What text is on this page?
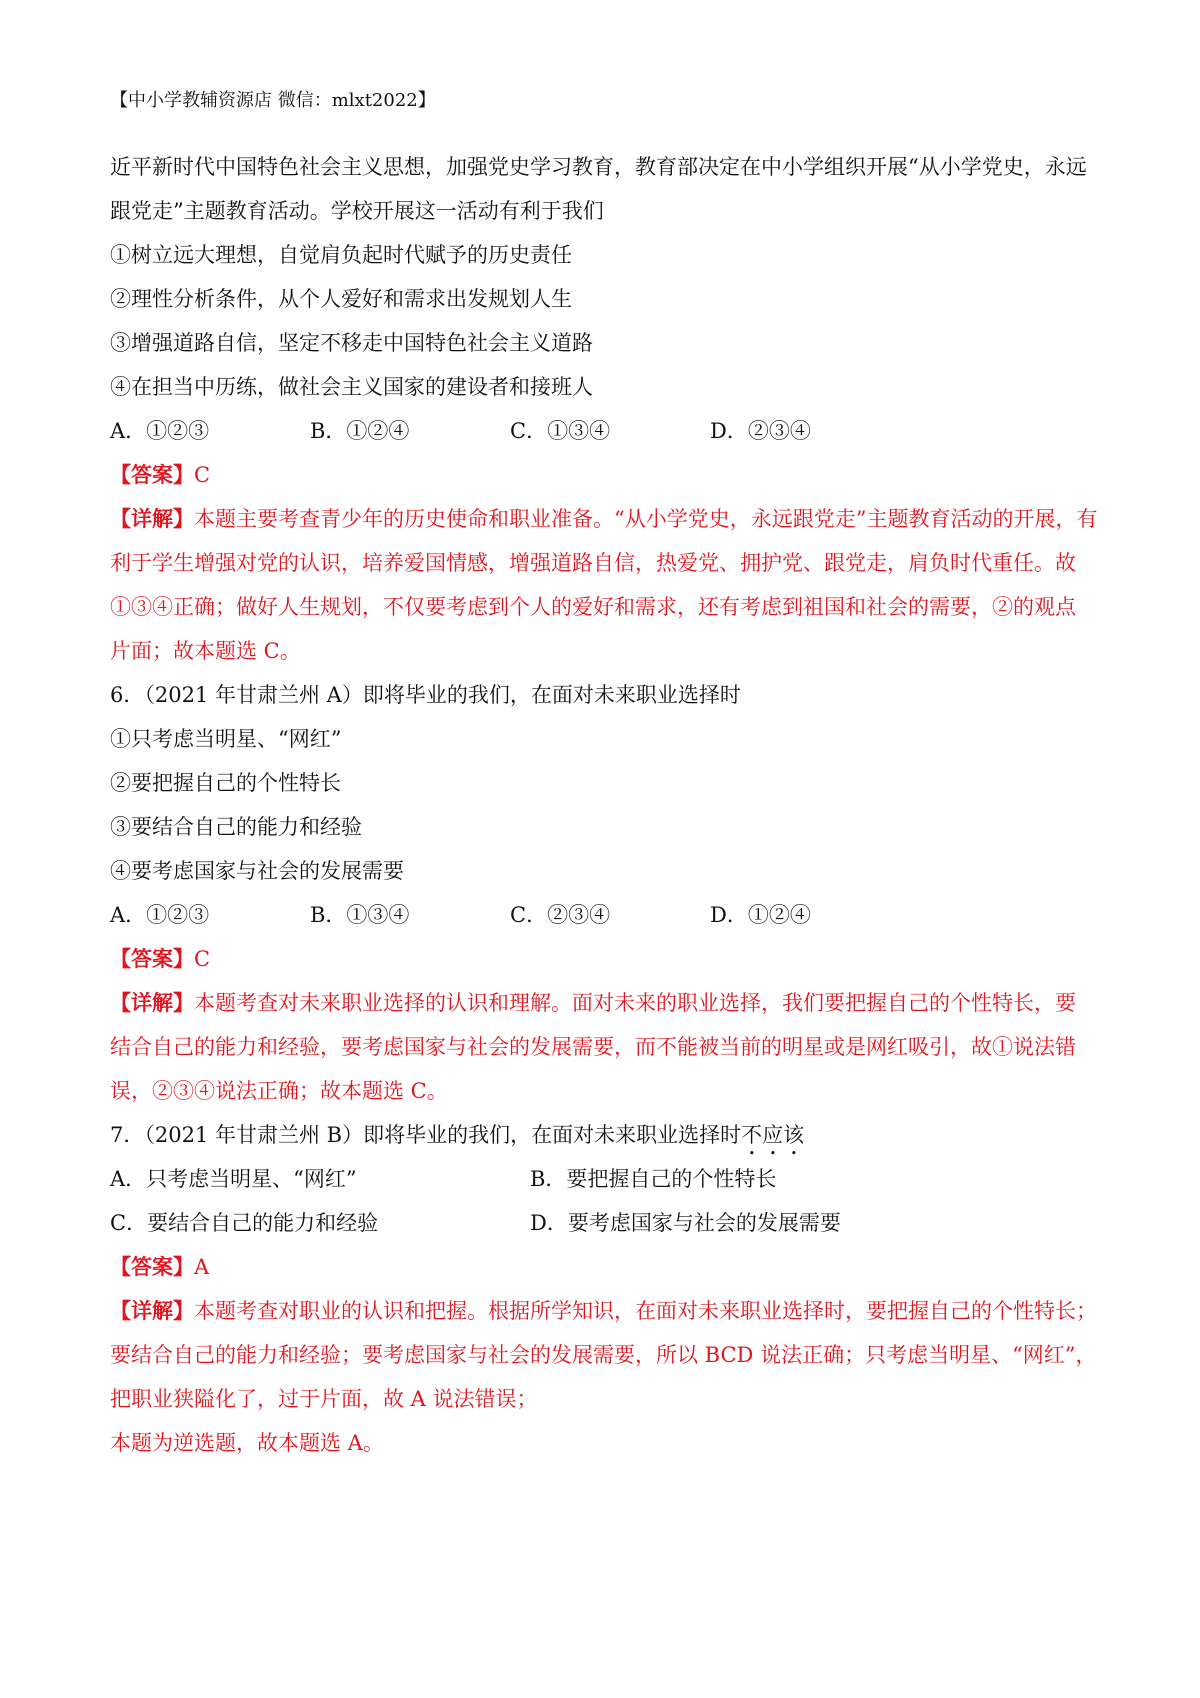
【中小学教辅资源店 微信：mlxt2022】
近平新时代中国特色社会主义思想，加强党史学习教育，教育部决定在中小学组织开展“从小学党史，永远
跟党走”主题教育活动。学校开展这一活动有利于我们
①树立远大理想，自觉肩负起时代赋予的历史责任
②理性分析条件，从个人爱好和需求出发规划人生
③增强道路自信，坚定不移走中国特色社会主义道路
④在担当中历练，做社会主义国家的建设者和接班人
A．①②③	B．①②④	C．①③④	D．②③④
【答案】C
【详解】本题主要考查青少年的历史使命和职业准备。“从小学党史，永远跟党走”主题教育活动的开展，有
利于学生增强对党的认识，培养爱国情感，增强道路自信，热爱党、拥护党、跟党走，肩负时代重任。故
①③④正确；做好人生规划，不仅要考虑到个人的爱好和需求，还有考虑到祖国和社会的需要，②的观点
片面；故本题选 C。
6．（2021 年甘肃兰州 A）即将毕业的我们，在面对未来职业选择时
①只考虑当明星、“网红”
②要把握自己的个性特长
③要结合自己的能力和经验
④要考虑国家与社会的发展需要
A．①②③	B．①③④	C．②③④	D．①②④
【答案】C
【详解】本题考查对未来职业选择的认识和理解。面对未来的职业选择，我们要把握自己的个性特长，要
结合自己的能力和经验，要考虑国家与社会的发展需要，而不能被当前的明星或是网红吸引，故①说法错
误，②③④说法正确；故本题选 C。
7．（2021 年甘肃兰州 B）即将毕业的我们，在面对未来职业选择时不应该
A．只考虑当明星、“网红”	B．要把握自己的个性特长
C．要结合自己的能力和经验	D．要考虑国家与社会的发展需要
【答案】A
【详解】本题考查对职业的认识和把握。根据所学知识，在面对未来职业选择时，要把握自己的个性特长；
要结合自己的能力和经验；要考虑国家与社会的发展需要，所以 BCD 说法正确；只考虑当明星、“网红”，
把职业狭隘化了，过于片面，故 A 说法错误；
本题为逆选题，故本题选 A。
